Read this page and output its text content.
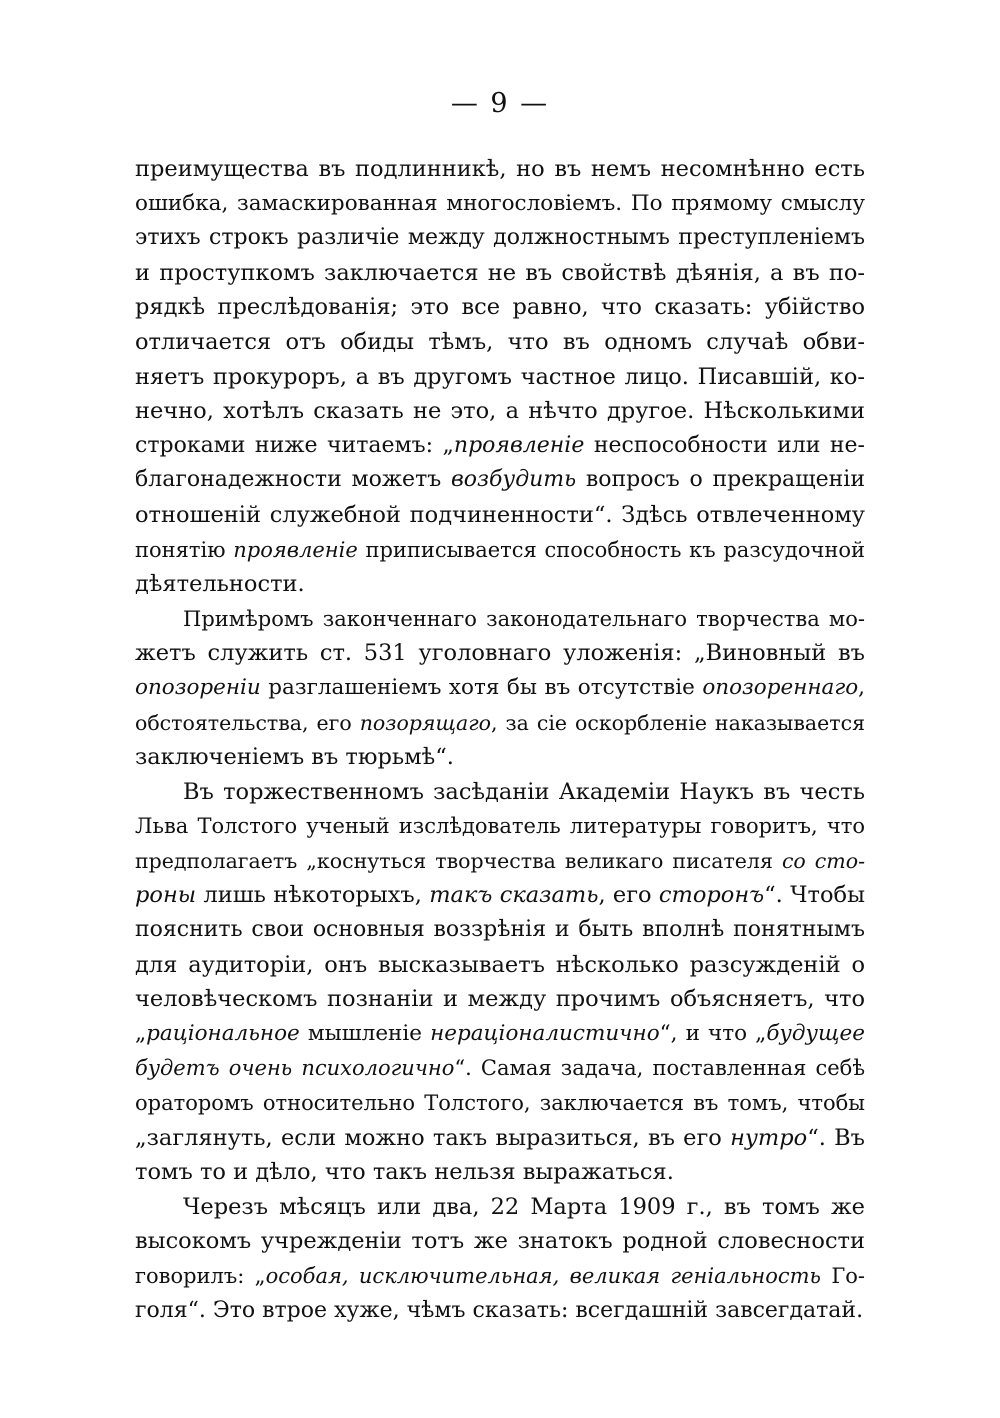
— 9 —
преимущества въ подлинникѣ, но въ немъ несомнѣнно есть
ошибка, замаскированная многословіемъ. По прямому смыслу
этихъ строкъ различіе между должностнымъ преступленіемъ
и проступкомъ заключается не въ свойствѣ дѣянія, а въ по-
рядкѣ преслѣдованія; это все равно, что сказать: убійство
отличается отъ обиды тѣмъ, что въ одномъ случаѣ обви-
няетъ прокуроръ, а въ другомъ частное лицо. Писавшій, ко-
нечно, хотѣлъ сказать не это, а нѣчто другое. Нѣсколькими
строками ниже читаемъ: „проявленіе неспособности или не-
благонадежности можетъ возбудить вопросъ о прекращеніи
отношеній служебной подчиненности“. Здѣсь отвлеченному
понятію проявленіе приписывается способность къ разсудочной
дѣятельности.
Примѣромъ законченнаго законодательнаго творчества мо-
жетъ служить ст. 531 уголовнаго уложенія: „Виновный въ
опозореніи разглашеніемъ хотя бы въ отсутствіе опозореннаго,
обстоятельства, его позорящаго, за сіе оскорбленіе наказывается
заключеніемъ въ тюрьмѣ“.
Въ торжественномъ засѣданіи Академіи Наукъ въ честь
Льва Толстого ученый изслѣдователь литературы говоритъ, что
предполагаетъ „коснуться творчества великаго писателя со сто-
роны лишь нѣкоторыхъ, такъ сказать, его сторонъ“. Чтобы
пояснить свои основныя воззрѣнія и быть вполнѣ понятнымъ
для аудиторіи, онъ высказываетъ нѣсколько разсужденій о
человѣческомъ познаніи и между прочимъ объясняетъ, что
„раціональное мышленіе нераціоналистично“, и что „будущее
будетъ очень психологично“. Самая задача, поставленная себѣ
ораторомъ относительно Толстого, заключается въ томъ, чтобы
„заглянуть, если можно такъ выразиться, въ его нутро“. Въ
томъ то и дѣло, что такъ нельзя выражаться.
Черезъ мѣсяцъ или два, 22 Марта 1909 г., въ томъ же
высокомъ учрежденіи тотъ же знатокъ родной словесности
говорилъ: „особая, исключительная, великая геніальность Го-
голя“. Это втрое хуже, чѣмъ сказать: всегдашній завсегдатай.
